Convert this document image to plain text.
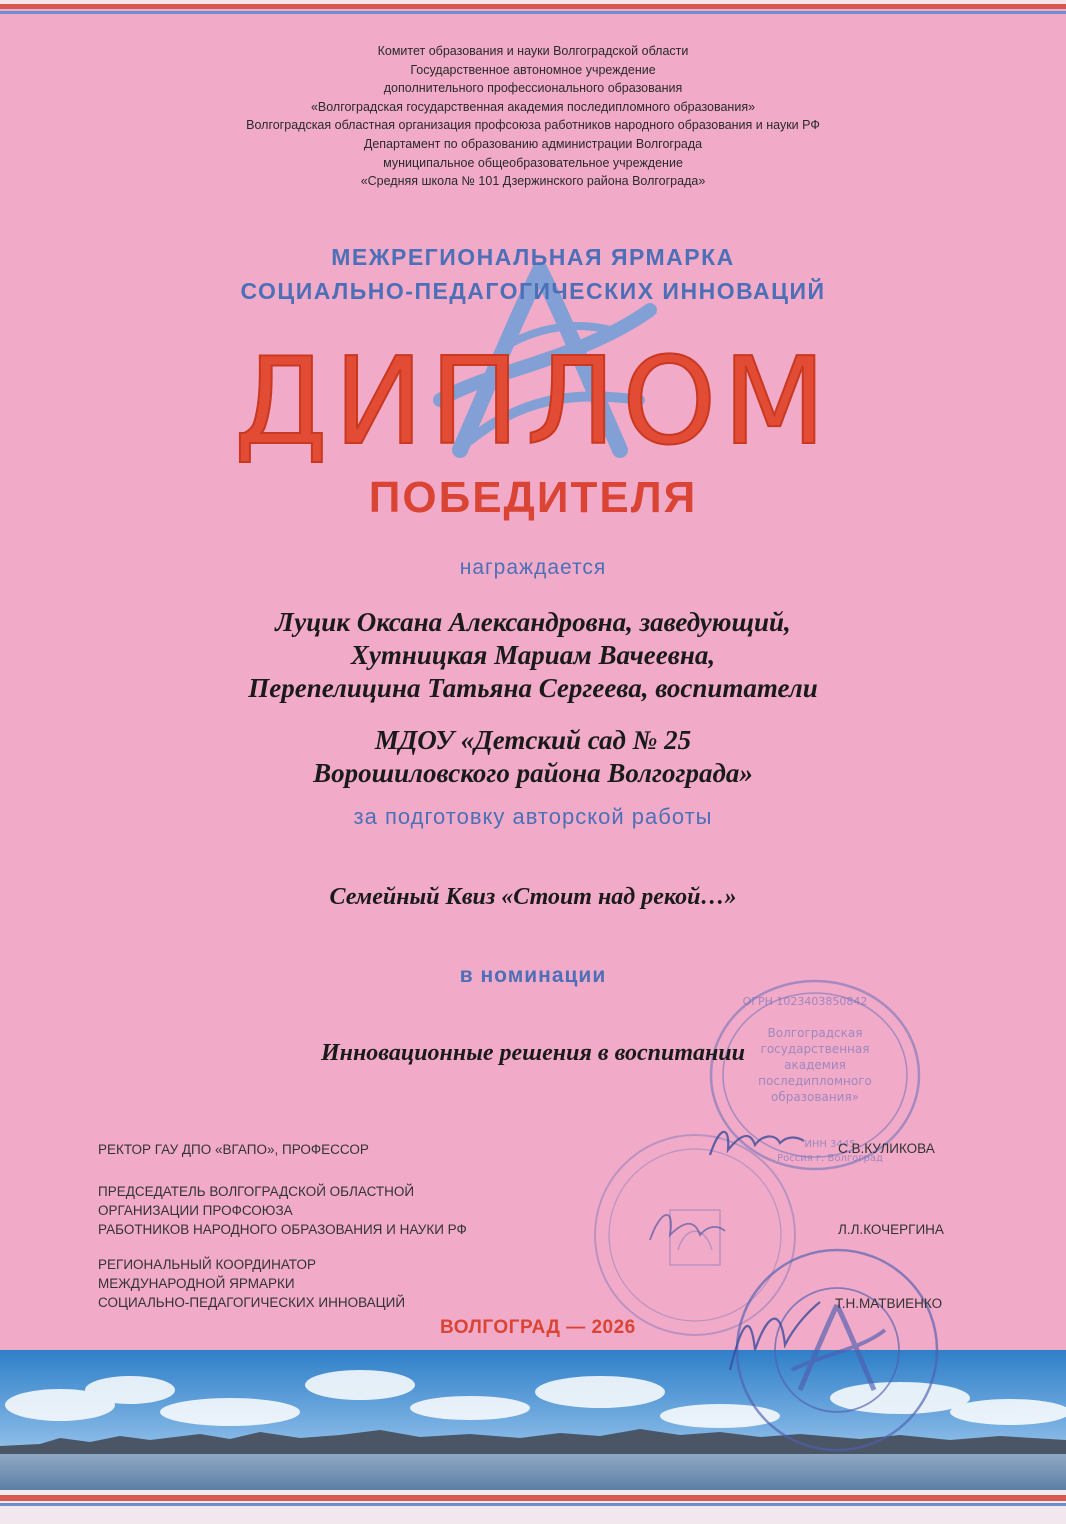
Комитет образования и науки Волгоградской области
Государственное автономное учреждение
дополнительного профессионального образования
«Волгоградская государственная академия последипломного образования»
Волгоградская областная организация профсоюза работников народного образования и науки РФ
Департамент по образованию администрации Волгограда
муниципальное общеобразовательное учреждение
«Средняя школа № 101 Дзержинского района Волгограда»
МЕЖРЕГИОНАЛЬНАЯ ЯРМАРКА
СОЦИАЛЬНО-ПЕДАГОГИЧЕСКИХ ИННОВАЦИЙ
ДИПЛОМ
ПОБЕДИТЕЛЯ
награждается
Луцик Оксана Александровна, заведующий,
Хутницкая Мариам Вачеевна,
Перепелицина Татьяна Сергеева, воспитатели
МДОУ «Детский сад № 25
Ворошиловского района Волгограда»
за подготовку авторской работы
Семейный Квиз «Стоит над рекой…»
в номинации
Инновационные решения в воспитании
Волгоградская
государственная
академия
последипломного
образования»
ОГРН 1023403850842
ИНН 3445
Россия г. Волгоград
РЕКТОР ГАУ ДПО «ВГАПО», ПРОФЕССОР	С.В.КУЛИКОВА
ПРЕДСЕДАТЕЛЬ ВОЛГОГРАДСКОЙ ОБЛАСТНОЙ
ОРГАНИЗАЦИИ ПРОФСОЮЗА
РАБОТНИКОВ НАРОДНОГО ОБРАЗОВАНИЯ И НАУКИ РФ	Л.Л.КОЧЕРГИНА
РЕГИОНАЛЬНЫЙ КООРДИНАТОР
МЕЖДУНАРОДНОЙ ЯРМАРКИ
СОЦИАЛЬНО-ПЕДАГОГИЧЕСКИХ ИННОВАЦИЙ	Т.Н.МАТВИЕНКО
ВОЛГОГРАД — 2026
